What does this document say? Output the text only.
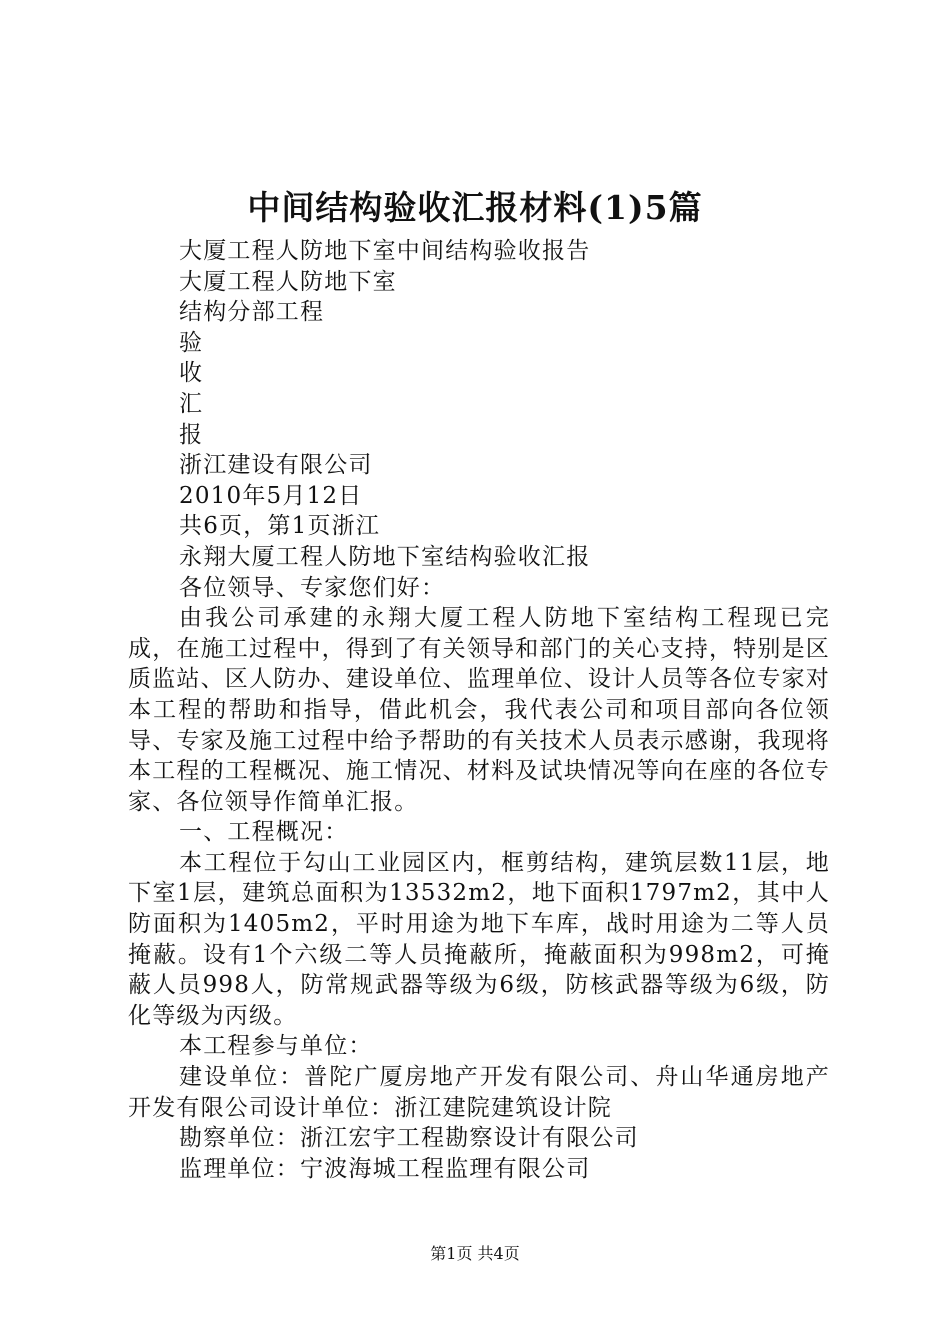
中间结构验收汇报材料(1)5篇

大厦工程人防地下室中间结构验收报告

大厦工程人防地下室

结构分部工程

验

收

汇

报

浙江建设有限公司

2010年5月12日

共6页，第1页浙江

永翔大厦工程人防地下室结构验收汇报

各位领导、专家您们好：

由我公司承建的永翔大厦工程人防地下室结构工程现已完成，在施工过程中，得到了有关领导和部门的关心支持，特别是区质监站、区人防办、建设单位、监理单位、设计人员等各位专家对本工程的帮助和指导，借此机会，我代表公司和项目部向各位领导、专家及施工过程中给予帮助的有关技术人员表示感谢，我现将本工程的工程概况、施工情况、材料及试块情况等向在座的各位专家、各位领导作简单汇报。

一、工程概况：

本工程位于勾山工业园区内，框剪结构，建筑层数11层，地下室1层，建筑总面积为13532m2，地下面积1797m2，其中人防面积为1405m2，平时用途为地下车库，战时用途为二等人员掩蔽。设有1个六级二等人员掩蔽所，掩蔽面积为998m2，可掩蔽人员998人，防常规武器等级为6级，防核武器等级为6级，防化等级为丙级。

本工程参与单位：

建设单位：普陀广厦房地产开发有限公司、舟山华通房地产开发有限公司设计单位：浙江建院建筑设计院

勘察单位：浙江宏宇工程勘察设计有限公司

监理单位：宁波海城工程监理有限公司

第1页 共4页
